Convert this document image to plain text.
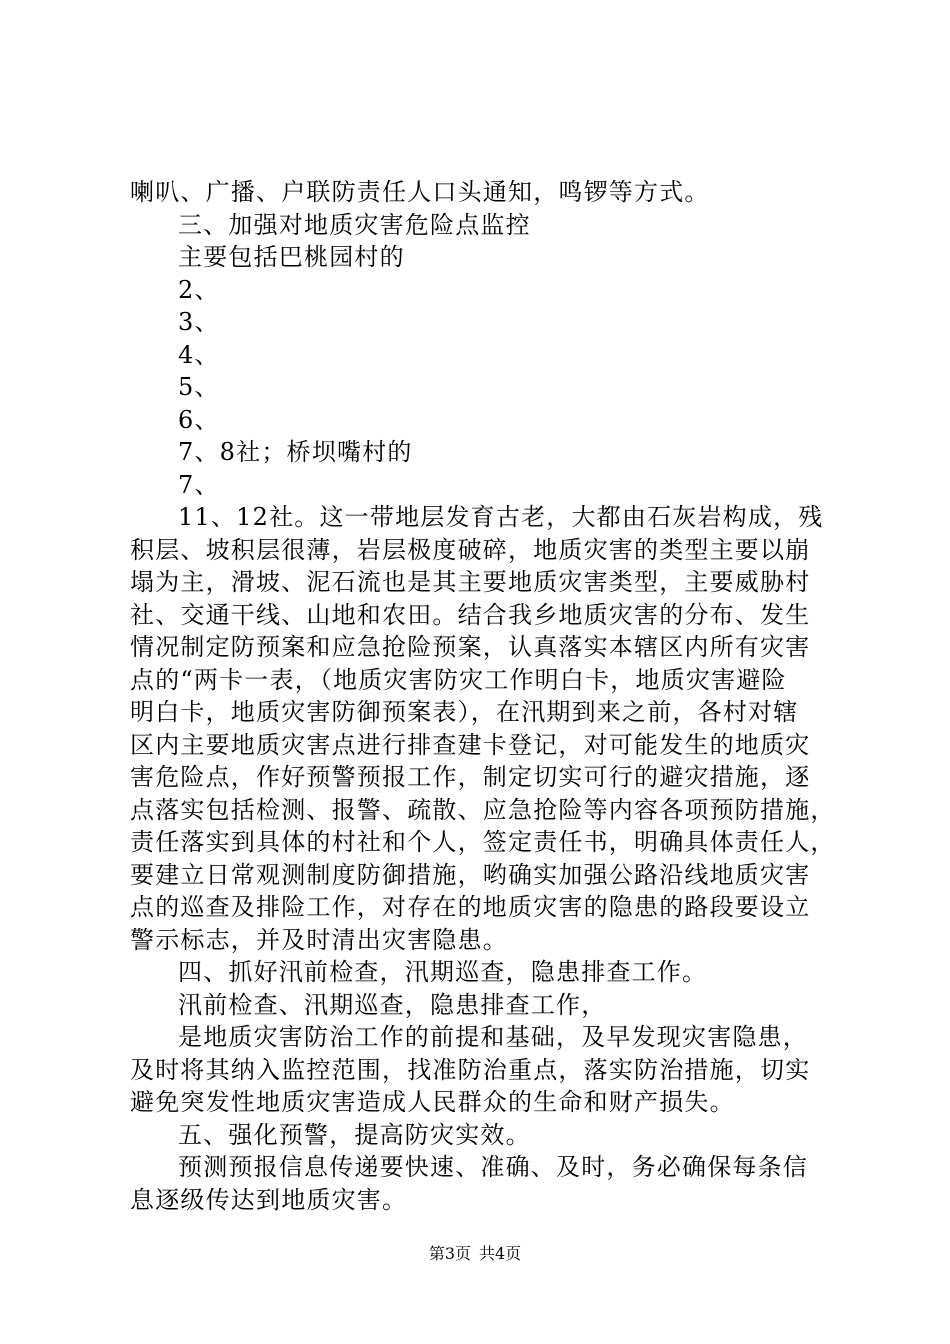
喇叭、广播、户联防责任人口头通知，鸣锣等方式。
三、加强对地质灾害危险点监控
主要包括巴桃园村的
2、
3、
4、
5、
6、
7、8社；桥坝嘴村的
7、
11、12社。这一带地层发育古老，大都由石灰岩构成，残
积层、坡积层很薄，岩层极度破碎，地质灾害的类型主要以崩
塌为主，滑坡、泥石流也是其主要地质灾害类型，主要威胁村
社、交通干线、山地和农田。结合我乡地质灾害的分布、发生
情况制定防预案和应急抢险预案，认真落实本辖区内所有灾害
点的“两卡一表，（地质灾害防灾工作明白卡，地质灾害避险
明白卡，地质灾害防御预案表），在汛期到来之前，各村对辖
区内主要地质灾害点进行排查建卡登记，对可能发生的地质灾
害危险点，作好预警预报工作，制定切实可行的避灾措施，逐
点落实包括检测、报警、疏散、应急抢险等内容各项预防措施，
责任落实到具体的村社和个人，签定责任书，明确具体责任人，
要建立日常观测制度防御措施，哟确实加强公路沿线地质灾害
点的巡查及排险工作，对存在的地质灾害的隐患的路段要设立
警示标志，并及时清出灾害隐患。
四、抓好汛前检查，汛期巡查，隐患排查工作。
汛前检查、汛期巡查，隐患排查工作，
是地质灾害防治工作的前提和基础，及早发现灾害隐患，
及时将其纳入监控范围，找准防治重点，落实防治措施，切实
避免突发性地质灾害造成人民群众的生命和财产损失。
五、强化预警，提高防灾实效。
预测预报信息传递要快速、准确、及时，务必确保每条信
息逐级传达到地质灾害。
第3页 共4页
